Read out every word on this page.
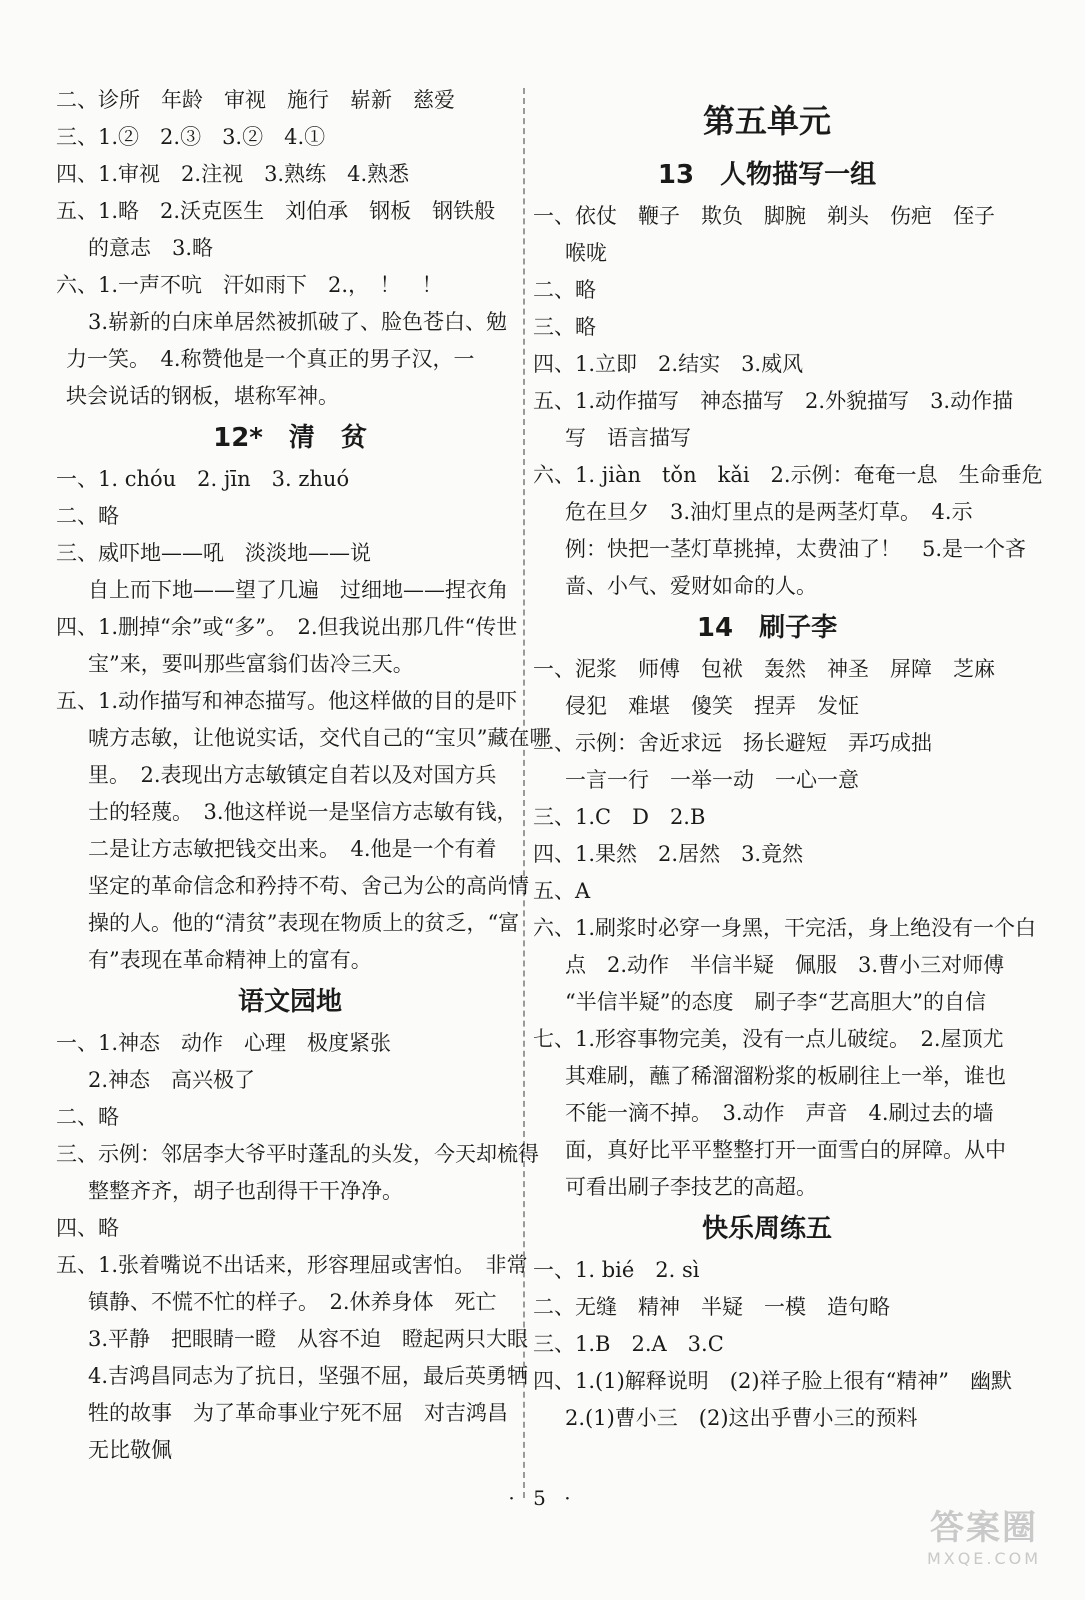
二、诊所　年龄　审视　施行　崭新　慈爱
三、1.②　2.③　3.②　4.①
四、1.审视　2.注视　3.熟练　4.熟悉
五、1.略　2.沃克医生　刘伯承　钢板　钢铁般
的意志　3.略
六、1.一声不吭　汗如雨下　2.，　！　！
3.崭新的白床单居然被抓破了、脸色苍白、勉
力一笑。　4.称赞他是一个真正的男子汉，一
块会说话的钢板，堪称军神。
12*　清　贫
一、1. chóu　2. jīn　3. zhuó
二、略
三、威吓地——吼　淡淡地——说
自上而下地——望了几遍　过细地——捏衣角
四、1.删掉“余”或“多”。　2.但我说出那几件“传世
宝”来，要叫那些富翁们齿冷三天。
五、1.动作描写和神态描写。他这样做的目的是吓
唬方志敏，让他说实话，交代自己的“宝贝”藏在哪
里。　2.表现出方志敏镇定自若以及对国方兵
士的轻蔑。　3.他这样说一是坚信方志敏有钱，
二是让方志敏把钱交出来。　4.他是一个有着
坚定的革命信念和矜持不苟、舍己为公的高尚情
操的人。他的“清贫”表现在物质上的贫乏，“富
有”表现在革命精神上的富有。
语文园地
一、1.神态　动作　心理　极度紧张
2.神态　高兴极了
二、略
三、示例：邻居李大爷平时蓬乱的头发，今天却梳得
整整齐齐，胡子也刮得干干净净。
四、略
五、1.张着嘴说不出话来，形容理屈或害怕。　非常
镇静、不慌不忙的样子。　2.休养身体　死亡
3.平静　把眼睛一瞪　从容不迫　瞪起两只大眼
4.吉鸿昌同志为了抗日，坚强不屈，最后英勇牺
牲的故事　为了革命事业宁死不屈　对吉鸿昌
无比敬佩
第五单元
13　人物描写一组
一、依仗　鞭子　欺负　脚腕　剃头　伤疤　侄子
喉咙
二、略
三、略
四、1.立即　2.结实　3.威风
五、1.动作描写　神态描写　2.外貌描写　3.动作描
写　语言描写
六、1. jiàn　tǒn　kǎi　2.示例：奄奄一息　生命垂危
危在旦夕　3.油灯里点的是两茎灯草。　4.示
例：快把一茎灯草挑掉，太费油了！　5.是一个吝
啬、小气、爱财如命的人。
14　刷子李
一、泥浆　师傅　包袱　轰然　神圣　屏障　芝麻
侵犯　难堪　傻笑　捏弄　发怔
二、示例：舍近求远　扬长避短　弄巧成拙
一言一行　一举一动　一心一意
三、1.C　D　2.B
四、1.果然　2.居然　3.竟然
五、A
六、1.刷浆时必穿一身黑，干完活，身上绝没有一个白
点　2.动作　半信半疑　佩服　3.曹小三对师傅
“半信半疑”的态度　刷子李“艺高胆大”的自信
七、1.形容事物完美，没有一点儿破绽。　2.屋顶尤
其难刷，蘸了稀溜溜粉浆的板刷往上一举，谁也
不能一滴不掉。　3.动作　声音　4.刷过去的墙
面，真好比平平整整打开一面雪白的屏障。从中
可看出刷子李技艺的高超。
快乐周练五
一、1. bié　2. sì
二、无缝　精神　半疑　一模　造句略
三、1.B　2.A　3.C
四、1.(1)解释说明　(2)祥子脸上很有“精神”　幽默
2.(1)曹小三　(2)这出乎曹小三的预料
· 5 ·
答案圈
MXQE.COM
